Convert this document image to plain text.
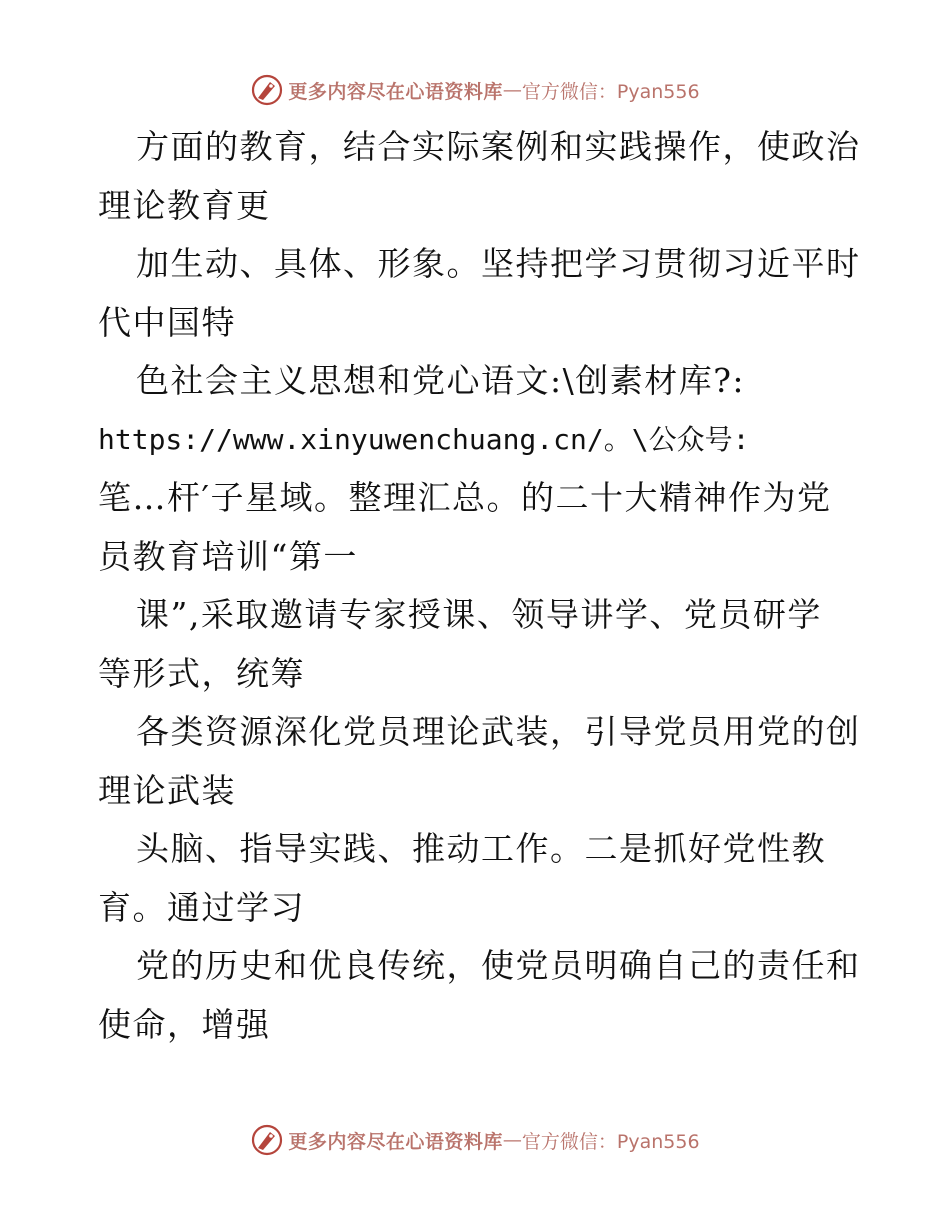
更多内容尽在心语资料库 — 官方微信：Pyan556
方面的教育，结合实际案例和实践操作，使政治
理论教育更
加生动、具体、形象。坚持把学习贯彻习近平时
代中国特
色社会主义思想和党心语文:\创素材库?:
https://www.xinyuwenchuang.cn/。\公众号:
笔…杆′子星域。整理汇总。的二十大精神作为党
员教育培训“第一
课”,采取邀请专家授课、领导讲学、党员研学
等形式，统筹
各类资源深化党员理论武装，引导党员用党的创
理论武装
头脑、指导实践、推动工作。二是抓好党性教
育。通过学习
党的历史和优良传统，使党员明确自己的责任和
使命，增强
更多内容尽在心语资料库 — 官方微信：Pyan556
